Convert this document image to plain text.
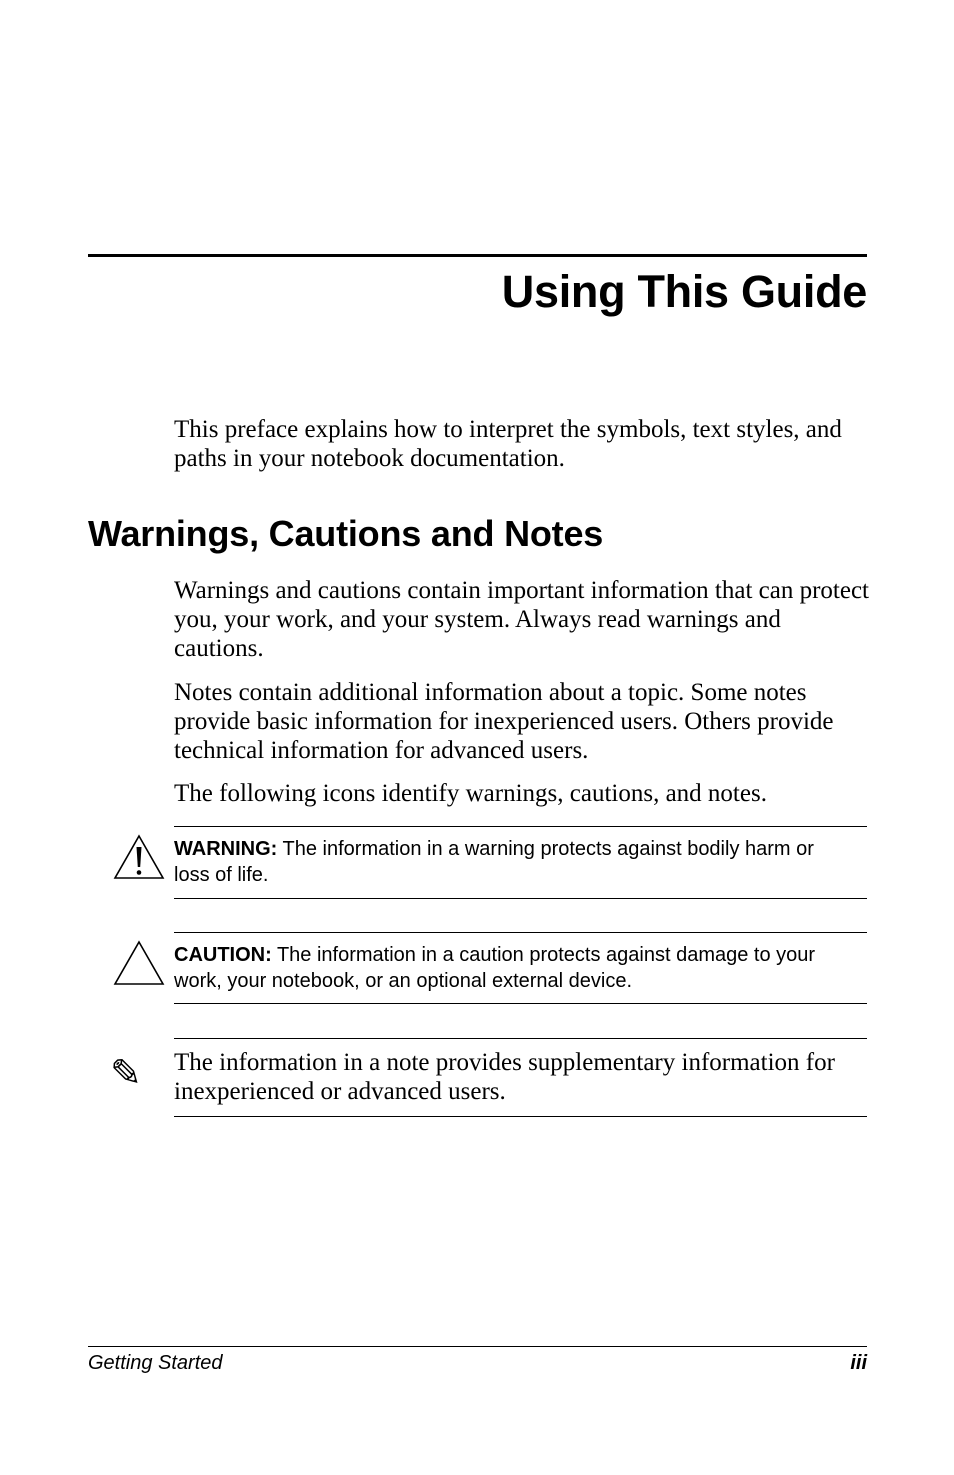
Using This Guide

This preface explains how to interpret the symbols, text styles, and paths in your notebook documentation.

Warnings, Cautions and Notes

Warnings and cautions contain important information that can protect you, your work, and your system. Always read warnings and cautions.

Notes contain additional information about a topic. Some notes provide basic information for inexperienced users. Others provide technical information for advanced users.

The following icons identify warnings, cautions, and notes.

WARNING: The information in a warning protects against bodily harm or loss of life.

CAUTION: The information in a caution protects against damage to your work, your notebook, or an optional external device.

✎ The information in a note provides supplementary information for inexperienced or advanced users.

Getting Started	iii
